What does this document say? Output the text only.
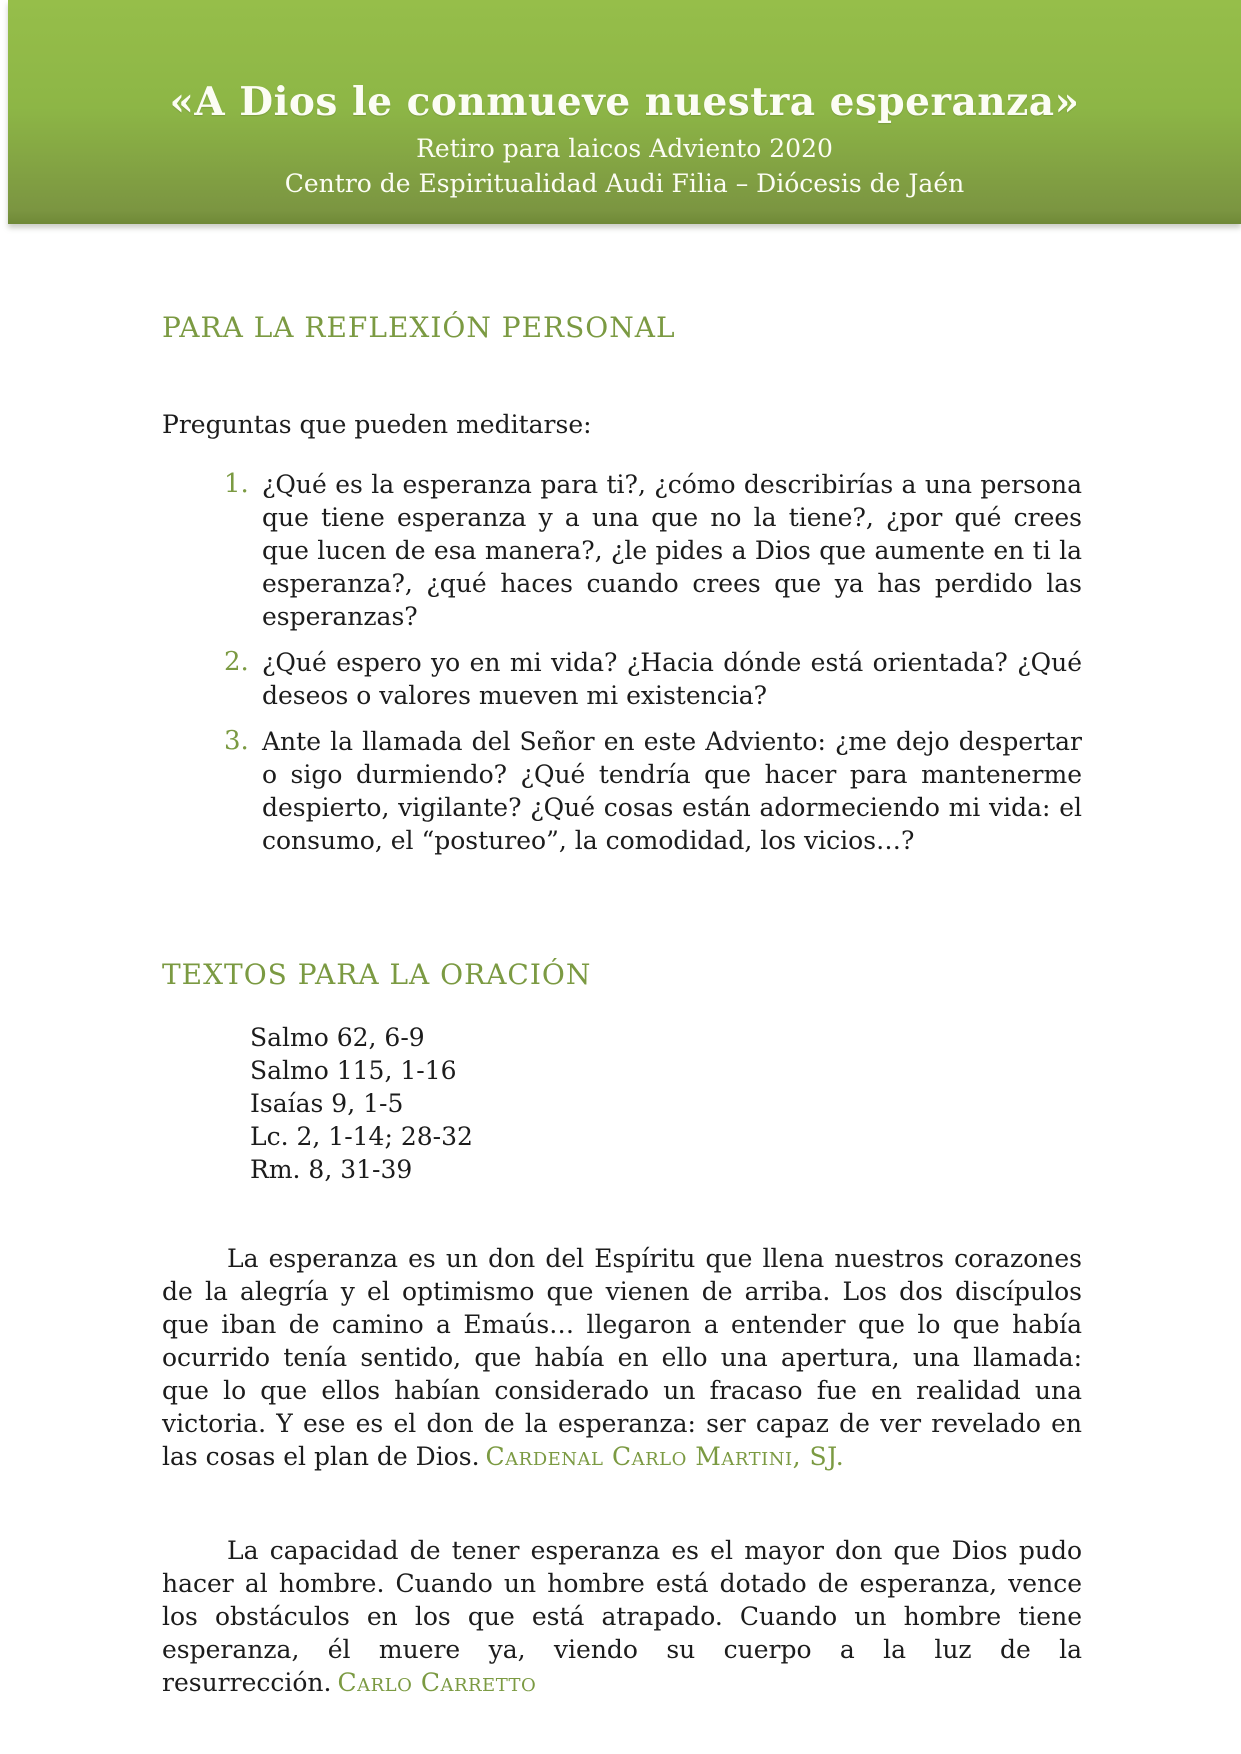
«A Dios le conmueve nuestra esperanza»
Retiro para laicos Adviento 2020
Centro de Espiritualidad Audi Filia – Diócesis de Jaén
PARA LA REFLEXIÓN PERSONAL

Preguntas que pueden meditarse:

1. ¿Qué es la esperanza para ti?, ¿cómo describirías a una persona que tiene esperanza y a una que no la tiene?, ¿por qué crees que lucen de esa manera?, ¿le pides a Dios que aumente en ti la esperanza?, ¿qué haces cuando crees que ya has perdido las esperanzas?
2. ¿Qué espero yo en mi vida? ¿Hacia dónde está orientada? ¿Qué deseos o valores mueven mi existencia?
3. Ante la llamada del Señor en este Adviento: ¿me dejo despertar o sigo durmiendo? ¿Qué tendría que hacer para mantenerme despierto, vigilante? ¿Qué cosas están adormeciendo mi vida: el consumo, el “postureo”, la comodidad, los vicios…?
TEXTOS PARA LA ORACIÓN
Salmo 62, 6-9
Salmo 115, 1-16
Isaías 9, 1-5
Lc. 2, 1-14; 28-32
Rm. 8, 31-39

La esperanza es un don del Espíritu que llena nuestros corazones de la alegría y el optimismo que vienen de arriba. Los dos discípulos que iban de camino a Emaús… llegaron a entender que lo que había ocurrido tenía sentido, que había en ello una apertura, una llamada: que lo que ellos habían considerado un fracaso fue en realidad una victoria. Y ese es el don de la esperanza: ser capaz de ver revelado en las cosas el plan de Dios. Cardenal Carlo Martini, SJ.

La capacidad de tener esperanza es el mayor don que Dios pudo hacer al hombre. Cuando un hombre está dotado de esperanza, vence los obstáculos en los que está atrapado. Cuando un hombre tiene esperanza, él muere ya, viendo su cuerpo a la luz de la resurrección. Carlo Carretto
